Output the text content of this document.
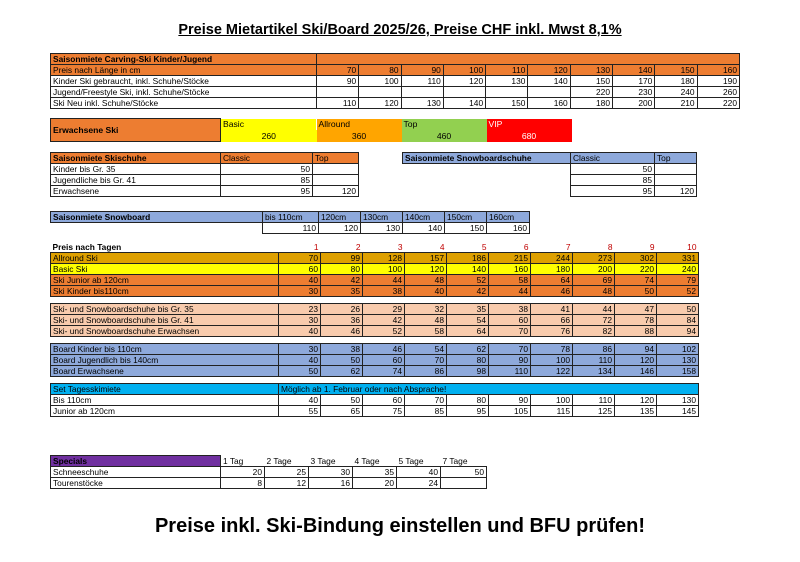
Preise Mietartikel Ski/Board 2025/26, Preise CHF inkl. Mwst 8,1%
Saisonmiete Carving-Ski Kinder/Jugend										
Preis nach Länge in cm	70	80	90	100	110	120	130	140	150	160
Kinder Ski gebraucht, inkl. Schuhe/Stöcke	90	100	110	120	130	140	150	170	180	190
Jugend/Freestyle Ski, inkl. Schuhe/Stöcke							220	230	240	260
Ski Neu inkl. Schuhe/Stöcke	110	120	130	140	150	160	180	200	210	220
Erwachsene Ski	Basic	Allround	Top	VIP
	260	360	460	680
Saisonmiete Skischuhe	Classic	Top
Kinder bis Gr. 35	50	
Jugendliche bis Gr. 41	85	
Erwachsene	95	120
Saisonmiete Snowboardschuhe	Classic	Top
	50	
	85	
	95	120
Saisonmiete Snowboard	bis 110cm	120cm	130cm	140cm	150cm	160cm
	110	120	130	140	150	160
Preis nach Tagen	1	2	3	4	5	6	7	8	9	10
Allround Ski	70	99	128	157	186	215	244	273	302	331
Basic Ski	60	80	100	120	140	160	180	200	220	240
Ski Junior ab 120cm	40	42	44	48	52	58	64	69	74	79
Ski Kinder bis110cm	30	35	38	40	42	44	46	48	50	52

Ski- und Snowboardschuhe bis Gr. 35	23	26	29	32	35	38	41	44	47	50
Ski- und Snowboardschuhe bis Gr. 41	30	36	42	48	54	60	66	72	78	84
Ski- und Snowboardschuhe Erwachsen	40	46	52	58	64	70	76	82	88	94

Board Kinder bis 110cm	30	38	46	54	62	70	78	86	94	102
Board Jugendlich bis 140cm	40	50	60	70	80	90	100	110	120	130
Board Erwachsene	50	62	74	86	98	110	122	134	146	158

Set Tagesskimiete	Möglich ab 1. Februar oder nach Absprache!									
Bis 110cm	40	50	60	70	80	90	100	110	120	130
Junior ab 120cm	55	65	75	85	95	105	115	125	135	145
Specials	1 Tag	2 Tage	3 Tage	4 Tage	5 Tage	7 Tage
Schneeschuhe	20	25	30	35	40	50
Tourenstöcke	8	12	16	20	24	
Preise inkl. Ski-Bindung einstellen und BFU prüfen!
